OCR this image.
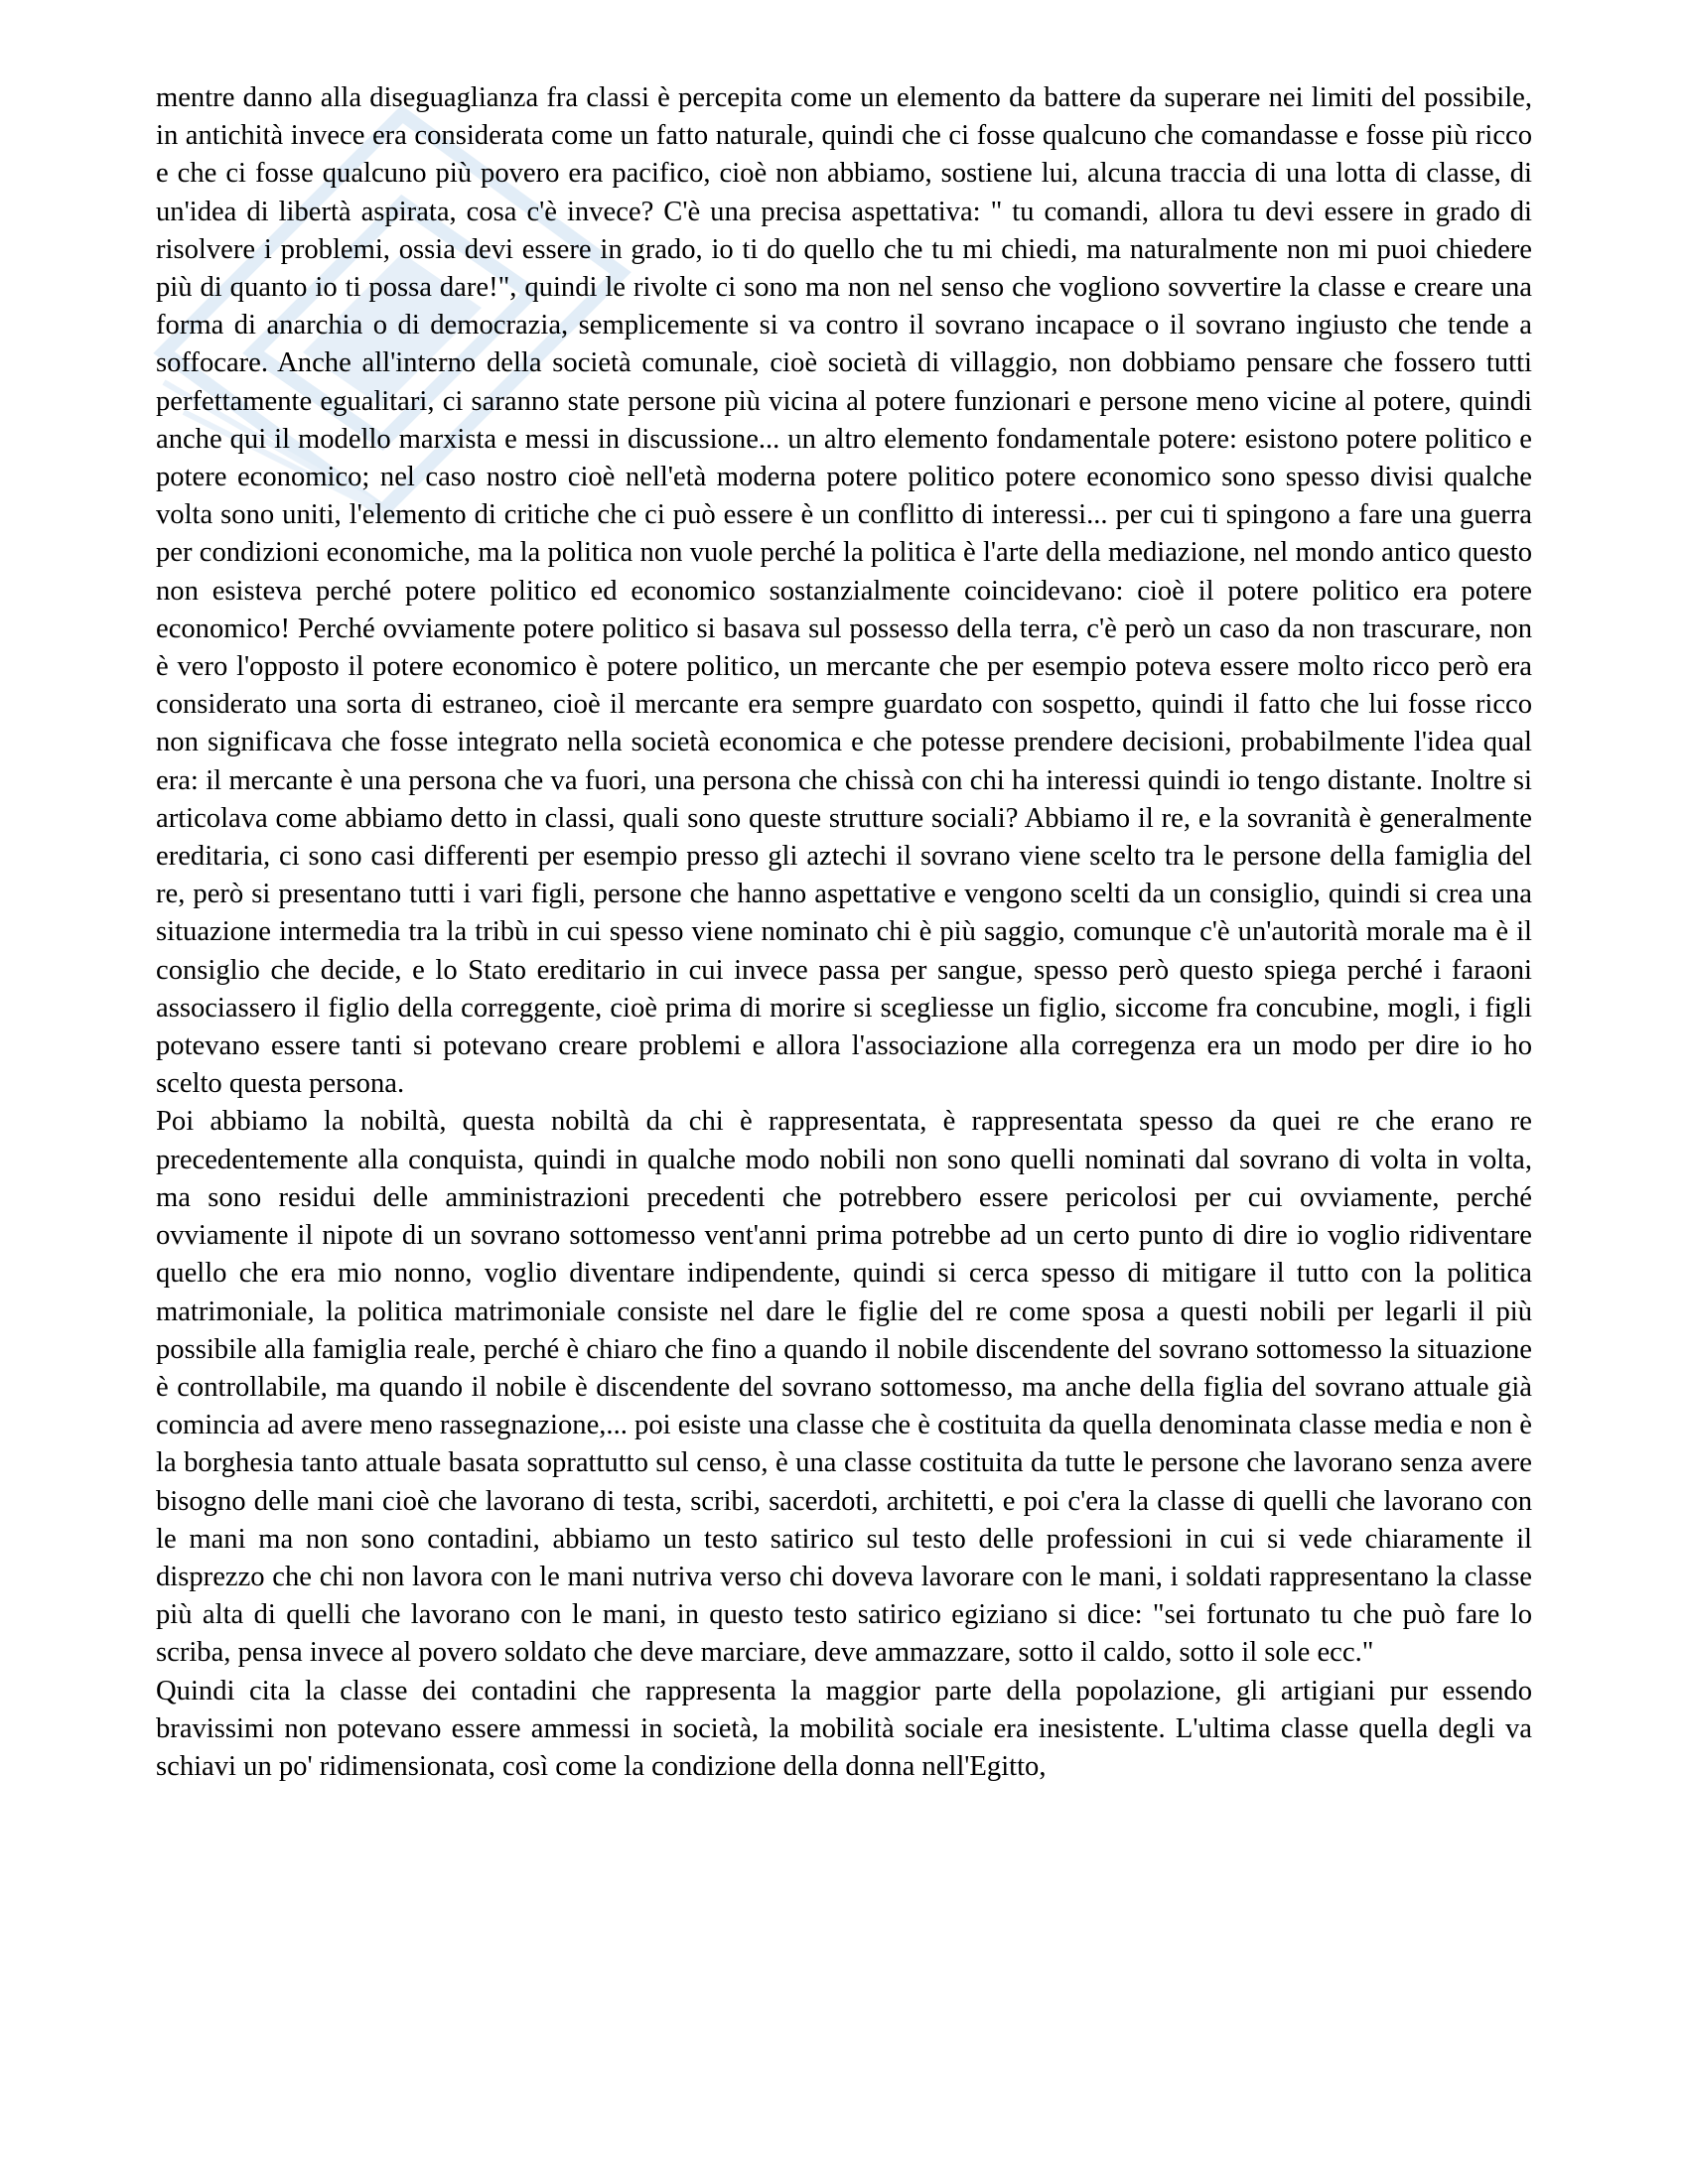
mentre danno alla diseguaglianza fra classi è percepita come un elemento da battere da superare nei limiti del possibile, in antichità invece era considerata come un fatto naturale, quindi che ci fosse qualcuno che comandasse e fosse più ricco e che ci fosse qualcuno più povero era pacifico, cioè non abbiamo, sostiene lui, alcuna traccia di una lotta di classe, di un'idea di libertà aspirata, cosa c'è invece? C'è una precisa aspettativa: " tu comandi, allora tu devi essere in grado di risolvere i problemi, ossia devi essere in grado, io ti do quello che tu mi chiedi, ma naturalmente non mi puoi chiedere più di quanto io ti possa dare!", quindi le rivolte ci sono ma non nel senso che vogliono sovvertire la classe e creare una forma di anarchia o di democrazia, semplicemente si va contro il sovrano incapace o il sovrano ingiusto che tende a soffocare. Anche all'interno della società comunale, cioè società di villaggio, non dobbiamo pensare che fossero tutti perfettamente egualitari, ci saranno state persone più vicina al potere funzionari e persone meno vicine al potere, quindi anche qui il modello marxista e messi in discussione... un altro elemento fondamentale potere: esistono potere politico e potere economico; nel caso nostro cioè nell'età moderna potere politico potere economico sono spesso divisi qualche volta sono uniti, l'elemento di critiche che ci può essere è un conflitto di interessi... per cui ti spingono a fare una guerra per condizioni economiche, ma la politica non vuole perché la politica è l'arte della mediazione, nel mondo antico questo non esisteva perché potere politico ed economico sostanzialmente coincidevano: cioè il potere politico era potere economico! Perché ovviamente potere politico si basava sul possesso della terra, c'è però un caso da non trascurare, non è vero l'opposto il potere economico è potere politico, un mercante che per esempio poteva essere molto ricco però era considerato una sorta di estraneo, cioè il mercante era sempre guardato con sospetto, quindi il fatto che lui fosse ricco non significava che fosse integrato nella società economica e che potesse prendere decisioni, probabilmente l'idea qual era: il mercante è una persona che va fuori, una persona che chissà con chi ha interessi quindi io tengo distante. Inoltre si articolava come abbiamo detto in classi, quali sono queste strutture sociali? Abbiamo il re, e la sovranità è generalmente ereditaria, ci sono casi differenti per esempio presso gli aztechi il sovrano viene scelto tra le persone della famiglia del re, però si presentano tutti i vari figli, persone che hanno aspettative e vengono scelti da un consiglio, quindi si crea una situazione intermedia tra la tribù in cui spesso viene nominato chi è più saggio, comunque c'è un'autorità morale ma è il consiglio che decide, e lo Stato ereditario in cui invece passa per sangue, spesso però questo spiega perché i faraoni associassero il figlio della correggente, cioè prima di morire si scegliesse un figlio, siccome fra concubine, mogli, i figli potevano essere tanti si potevano creare problemi e allora l'associazione alla corregenza era un modo per dire io ho scelto questa persona.

Poi abbiamo la nobiltà, questa nobiltà da chi è rappresentata, è rappresentata spesso da quei re che erano re precedentemente alla conquista, quindi in qualche modo nobili non sono quelli nominati dal sovrano di volta in volta, ma sono residui delle amministrazioni precedenti che potrebbero essere pericolosi per cui ovviamente, perché ovviamente il nipote di un sovrano sottomesso vent'anni prima potrebbe ad un certo punto di dire io voglio ridiventare quello che era mio nonno, voglio diventare indipendente, quindi si cerca spesso di mitigare il tutto con la politica matrimoniale, la politica matrimoniale consiste nel dare le figlie del re come sposa a questi nobili per legarli il più possibile alla famiglia reale, perché è chiaro che fino a quando il nobile discendente del sovrano sottomesso la situazione è controllabile, ma quando il nobile è discendente del sovrano sottomesso, ma anche della figlia del sovrano attuale già comincia ad avere meno rassegnazione,... poi esiste una classe che è costituita da quella denominata classe media e non è la borghesia tanto attuale basata soprattutto sul censo, è una classe costituita da tutte le persone che lavorano senza avere bisogno delle mani cioè che lavorano di testa, scribi, sacerdoti, architetti, e poi c'era la classe di quelli che lavorano con le mani ma non sono contadini, abbiamo un testo satirico sul testo delle professioni in cui si vede chiaramente il disprezzo che chi non lavora con le mani nutriva verso chi doveva lavorare con le mani, i soldati rappresentano la classe più alta di quelli che lavorano con le mani, in questo testo satirico egiziano si dice: "sei fortunato tu che può fare lo scriba, pensa invece al povero soldato che deve marciare, deve ammazzare, sotto il caldo, sotto il sole ecc."

Quindi cita la classe dei contadini che rappresenta la maggior parte della popolazione, gli artigiani pur essendo bravissimi non potevano essere ammessi in società, la mobilità sociale era inesistente. L'ultima classe quella degli va schiavi un po' ridimensionata, così come la condizione della donna nell'Egitto,
